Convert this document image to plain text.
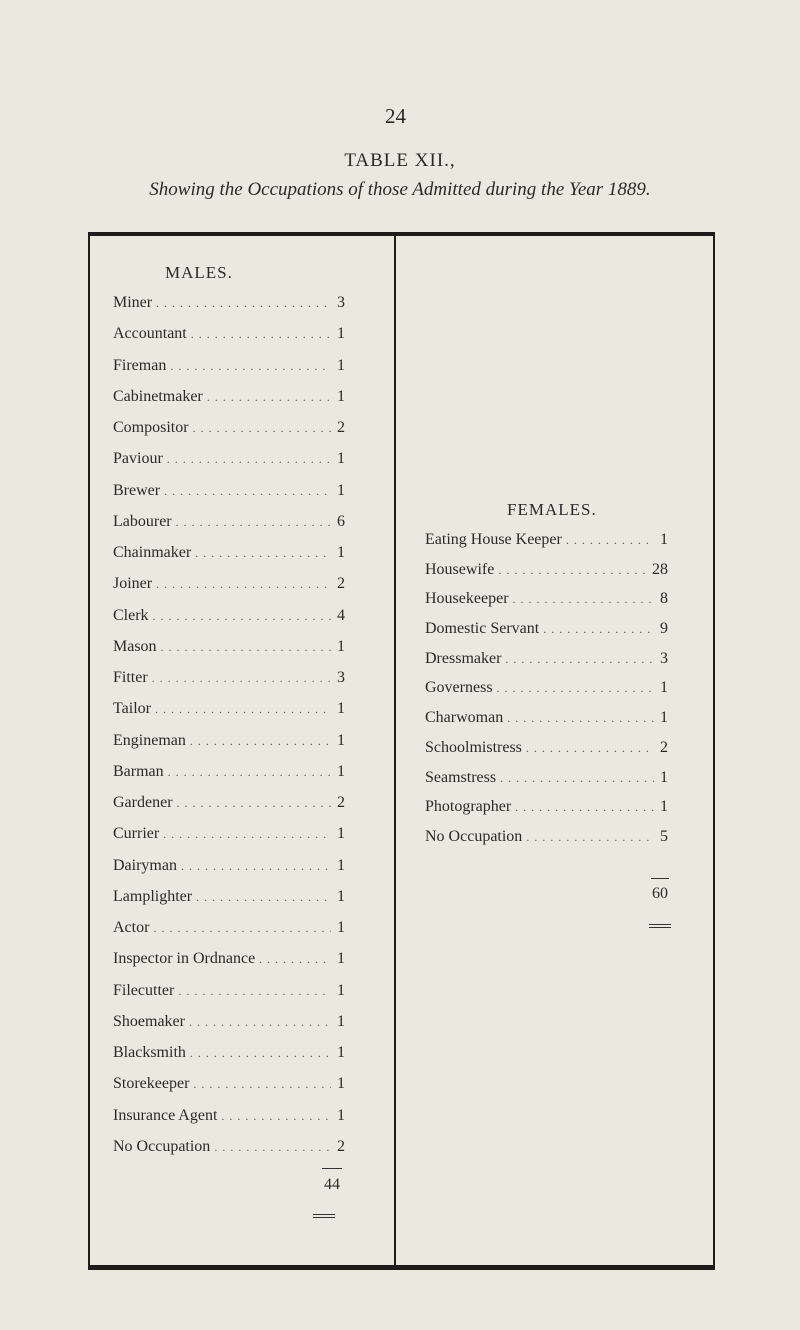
24
TABLE XII.,
Showing the Occupations of those Admitted during the Year 1889.
MALES.
Miner . . .	3
Accountant . . .	1
Fireman . . .	1
Cabinetmaker . . .	1
Compositor . . .	2
Paviour . . .	1
Brewer . . .	1
Labourer . . .	6
Chainmaker . . .	1
Joiner . . .	2
Clerk . . .	4
Mason . . .	1
Fitter . . .	3
Tailor . . .	1
Engineman . . .	1
Barman . . .	1
Gardener . . .	2
Currier . . .	1
Dairyman . . .	1
Lamplighter . . .	1
Actor . . .	1
Inspector in Ordnance . . .	1
Filecutter . . .	1
Shoemaker . . .	1
Blacksmith . . .	1
Storekeeper . . .	1
Insurance Agent . . .	1
No Occupation . . .	2
44
FEMALES.
Eating House Keeper . . .	1
Housewife . . .	28
Housekeeper . . .	8
Domestic Servant . . .	9
Dressmaker . . .	3
Governess . . .	1
Charwoman . . .	1
Schoolmistress . . .	2
Seamstress . . .	1
Photographer . . .	1
No Occupation . . .	5
60
